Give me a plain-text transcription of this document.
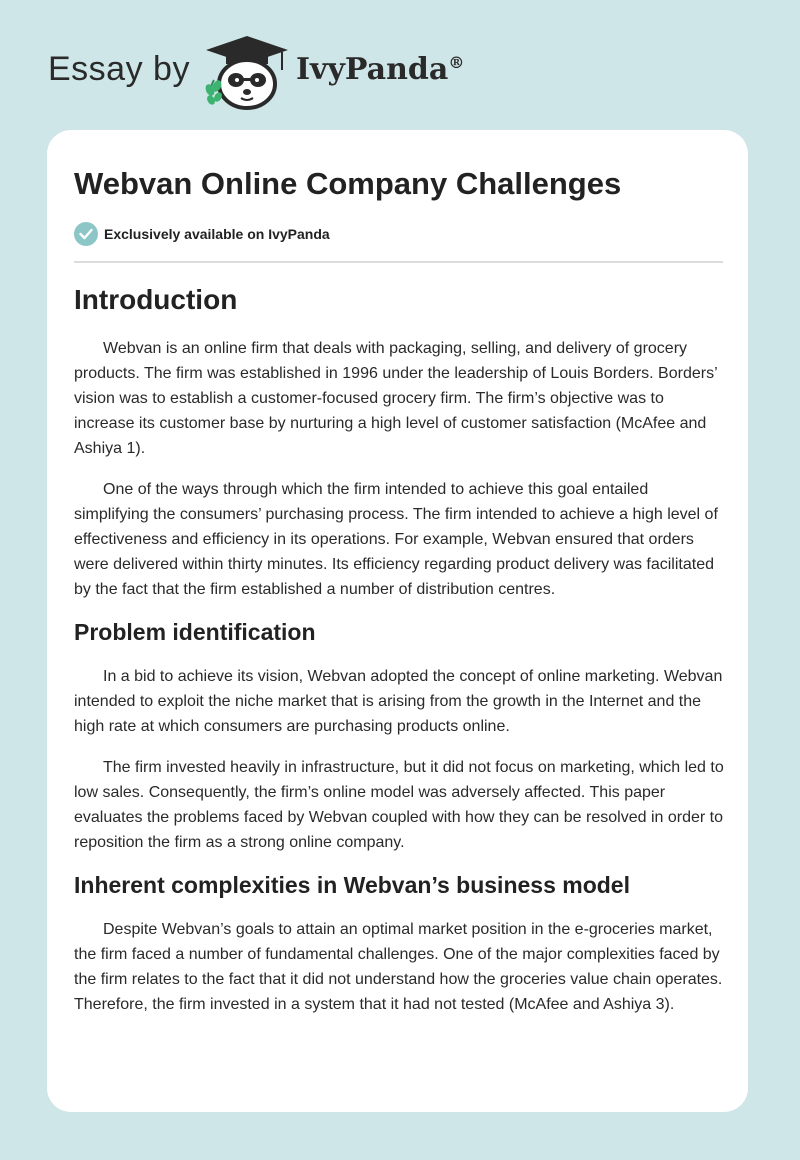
Essay by	IvyPanda®
Webvan Online Company Challenges
Exclusively available on IvyPanda
Introduction

Webvan is an online firm that deals with packaging, selling, and delivery of grocery products. The firm was established in 1996 under the leadership of Louis Borders. Borders’ vision was to establish a customer-focused grocery firm. The firm’s objective was to increase its customer base by nurturing a high level of customer satisfaction (McAfee and Ashiya 1).

One of the ways through which the firm intended to achieve this goal entailed simplifying the consumers’ purchasing process. The firm intended to achieve a high level of effectiveness and efficiency in its operations. For example, Webvan ensured that orders were delivered within thirty minutes. Its efficiency regarding product delivery was facilitated by the fact that the firm established a number of distribution centres.

Problem identification

In a bid to achieve its vision, Webvan adopted the concept of online marketing. Webvan intended to exploit the niche market that is arising from the growth in the Internet and the high rate at which consumers are purchasing products online.

The firm invested heavily in infrastructure, but it did not focus on marketing, which led to low sales. Consequently, the firm’s online model was adversely affected. This paper evaluates the problems faced by Webvan coupled with how they can be resolved in order to reposition the firm as a strong online company.

Inherent complexities in Webvan’s business model

Despite Webvan’s goals to attain an optimal market position in the e-groceries market, the firm faced a number of fundamental challenges. One of the major complexities faced by the firm relates to the fact that it did not understand how the groceries value chain operates. Therefore, the firm invested in a system that it had not tested (McAfee and Ashiya 3).
